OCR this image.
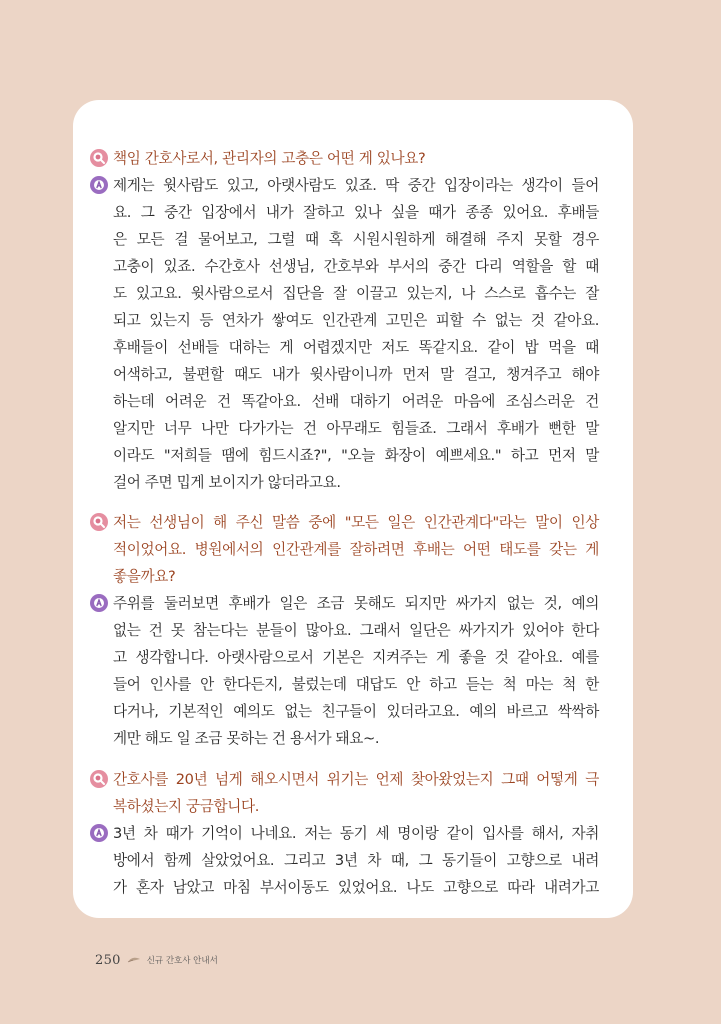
책임 간호사로서, 관리자의 고충은 어떤 게 있나요?
제게는 윗사람도 있고, 아랫사람도 있죠. 딱 중간 입장이라는 생각이 들어
요. 그 중간 입장에서 내가 잘하고 있나 싶을 때가 종종 있어요. 후배들
은 모든 걸 물어보고, 그럴 때 혹 시원시원하게 해결해 주지 못할 경우
고충이 있죠. 수간호사 선생님, 간호부와 부서의 중간 다리 역할을 할 때
도 있고요. 윗사람으로서 집단을 잘 이끌고 있는지, 나 스스로 흡수는 잘
되고 있는지 등 연차가 쌓여도 인간관계 고민은 피할 수 없는 것 같아요.
후배들이 선배들 대하는 게 어렵겠지만 저도 똑같지요. 같이 밥 먹을 때
어색하고, 불편할 때도 내가 윗사람이니까 먼저 말 걸고, 챙겨주고 해야
하는데 어려운 건 똑같아요. 선배 대하기 어려운 마음에 조심스러운 건
알지만 너무 나만 다가가는 건 아무래도 힘들죠. 그래서 후배가 뻔한 말
이라도 "저희들 땜에 힘드시죠?", "오늘 화장이 예쁘세요." 하고 먼저 말
걸어 주면 밉게 보이지가 않더라고요.
저는 선생님이 해 주신 말씀 중에 "모든 일은 인간관계다"라는 말이 인상
적이었어요. 병원에서의 인간관계를 잘하려면 후배는 어떤 태도를 갖는 게
좋을까요?
주위를 둘러보면 후배가 일은 조금 못해도 되지만 싸가지 없는 것, 예의
없는 건 못 참는다는 분들이 많아요. 그래서 일단은 싸가지가 있어야 한다
고 생각합니다. 아랫사람으로서 기본은 지켜주는 게 좋을 것 같아요. 예를
들어 인사를 안 한다든지, 불렀는데 대답도 안 하고 듣는 척 마는 척 한
다거나, 기본적인 예의도 없는 친구들이 있더라고요. 예의 바르고 싹싹하
게만 해도 일 조금 못하는 건 용서가 돼요~.
간호사를 20년 넘게 해오시면서 위기는 언제 찾아왔었는지 그때 어떻게 극
복하셨는지 궁금합니다.
3년 차 때가 기억이 나네요. 저는 동기 세 명이랑 같이 입사를 해서, 자취
방에서 함께 살았었어요. 그리고 3년 차 때, 그 동기들이 고향으로 내려
가 혼자 남았고 마침 부서이동도 있었어요. 나도 고향으로 따라 내려가고
250	신규 간호사 안내서
